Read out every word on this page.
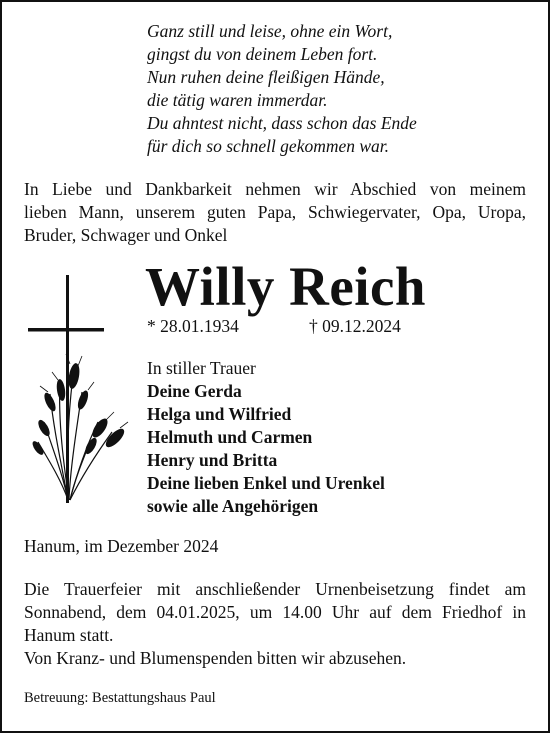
Ganz still und leise, ohne ein Wort,
gingst du von deinem Leben fort.
Nun ruhen deine fleißigen Hände,
die tätig waren immerdar.
Du ahntest nicht, dass schon das Ende
für dich so schnell gekommen war.
In Liebe und Dankbarkeit nehmen wir Abschied von meinem
lieben Mann, unserem guten Papa, Schwiegervater, Opa, Uropa,
Bruder, Schwager und Onkel
Willy Reich
* 28.01.1934	† 09.12.2024
In stiller Trauer
Deine Gerda
Helga und Wilfried
Helmuth und Carmen
Henry und Britta
Deine lieben Enkel und Urenkel
sowie alle Angehörigen
Hanum, im Dezember 2024
Die Trauerfeier mit anschließender Urnenbeisetzung findet am
Sonnabend, dem 04.01.2025, um 14.00 Uhr auf dem Friedhof in
Hanum statt.
Von Kranz- und Blumenspenden bitten wir abzusehen.
Betreuung: Bestattungshaus Paul
